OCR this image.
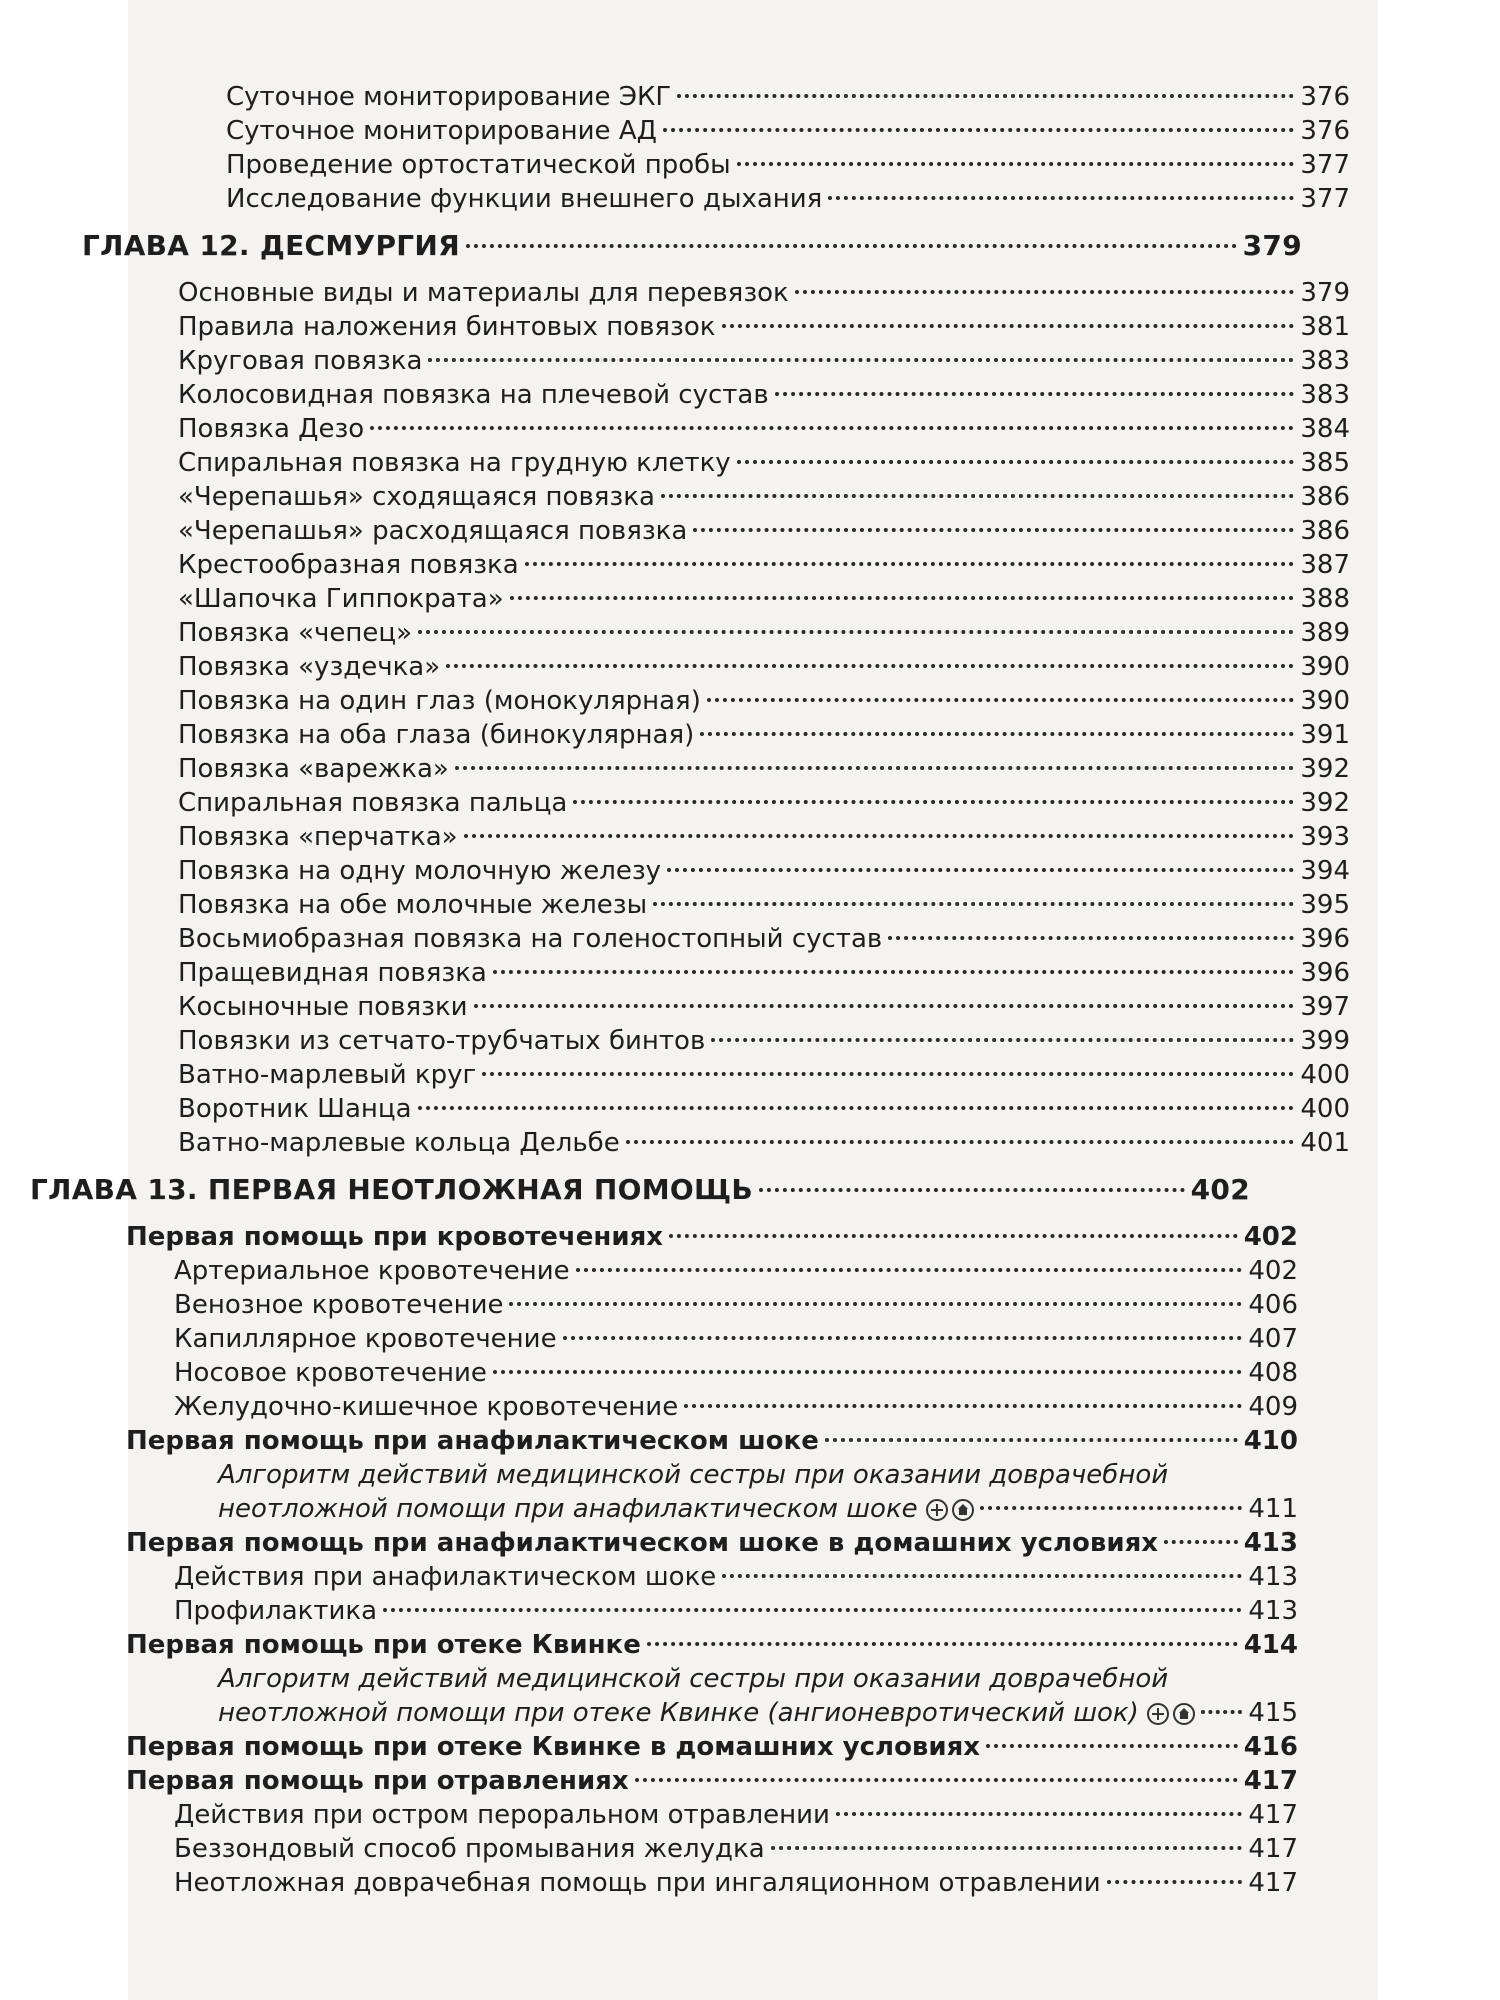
Суточное мониторирование ЭКГ	376
Суточное мониторирование АД	376
Проведение ортостатической пробы	377
Исследование функции внешнего дыхания	377
ГЛАВА 12. ДЕСМУРГИЯ	379
Основные виды и материалы для перевязок	379
Правила наложения бинтовых повязок	381
Круговая повязка	383
Колосовидная повязка на плечевой сустав	383
Повязка Дезо	384
Спиральная повязка на грудную клетку	385
«Черепашья» сходящаяся повязка	386
«Черепашья» расходящаяся повязка	386
Крестообразная повязка	387
«Шапочка Гиппократа»	388
Повязка «чепец»	389
Повязка «уздечка»	390
Повязка на один глаз (монокулярная)	390
Повязка на оба глаза (бинокулярная)	391
Повязка «варежка»	392
Спиральная повязка пальца	392
Повязка «перчатка»	393
Повязка на одну молочную железу	394
Повязка на обе молочные железы	395
Восьмиобразная повязка на голеностопный сустав	396
Пращевидная повязка	396
Косыночные повязки	397
Повязки из сетчато-трубчатых бинтов	399
Ватно-марлевый круг	400
Воротник Шанца	400
Ватно-марлевые кольца Дельбе	401
ГЛАВА 13. ПЕРВАЯ НЕОТЛОЖНАЯ ПОМОЩЬ	402
Первая помощь при кровотечениях	402
Артериальное кровотечение	402
Венозное кровотечение	406
Капиллярное кровотечение	407
Носовое кровотечение	408
Желудочно-кишечное кровотечение	409
Первая помощь при анафилактическом шоке	410
Алгоритм действий медицинской сестры при оказании доврачебной
неотложной помощи при анафилактическом шоке	411
Первая помощь при анафилактическом шоке в домашних условиях	413
Действия при анафилактическом шоке	413
Профилактика	413
Первая помощь при отеке Квинке	414
Алгоритм действий медицинской сестры при оказании доврачебной
неотложной помощи при отеке Квинке (ангионевротический шок)	415
Первая помощь при отеке Квинке в домашних условиях	416
Первая помощь при отравлениях	417
Действия при остром пероральном отравлении	417
Беззондовый способ промывания желудка	417
Неотложная доврачебная помощь при ингаляционном отравлении	417
